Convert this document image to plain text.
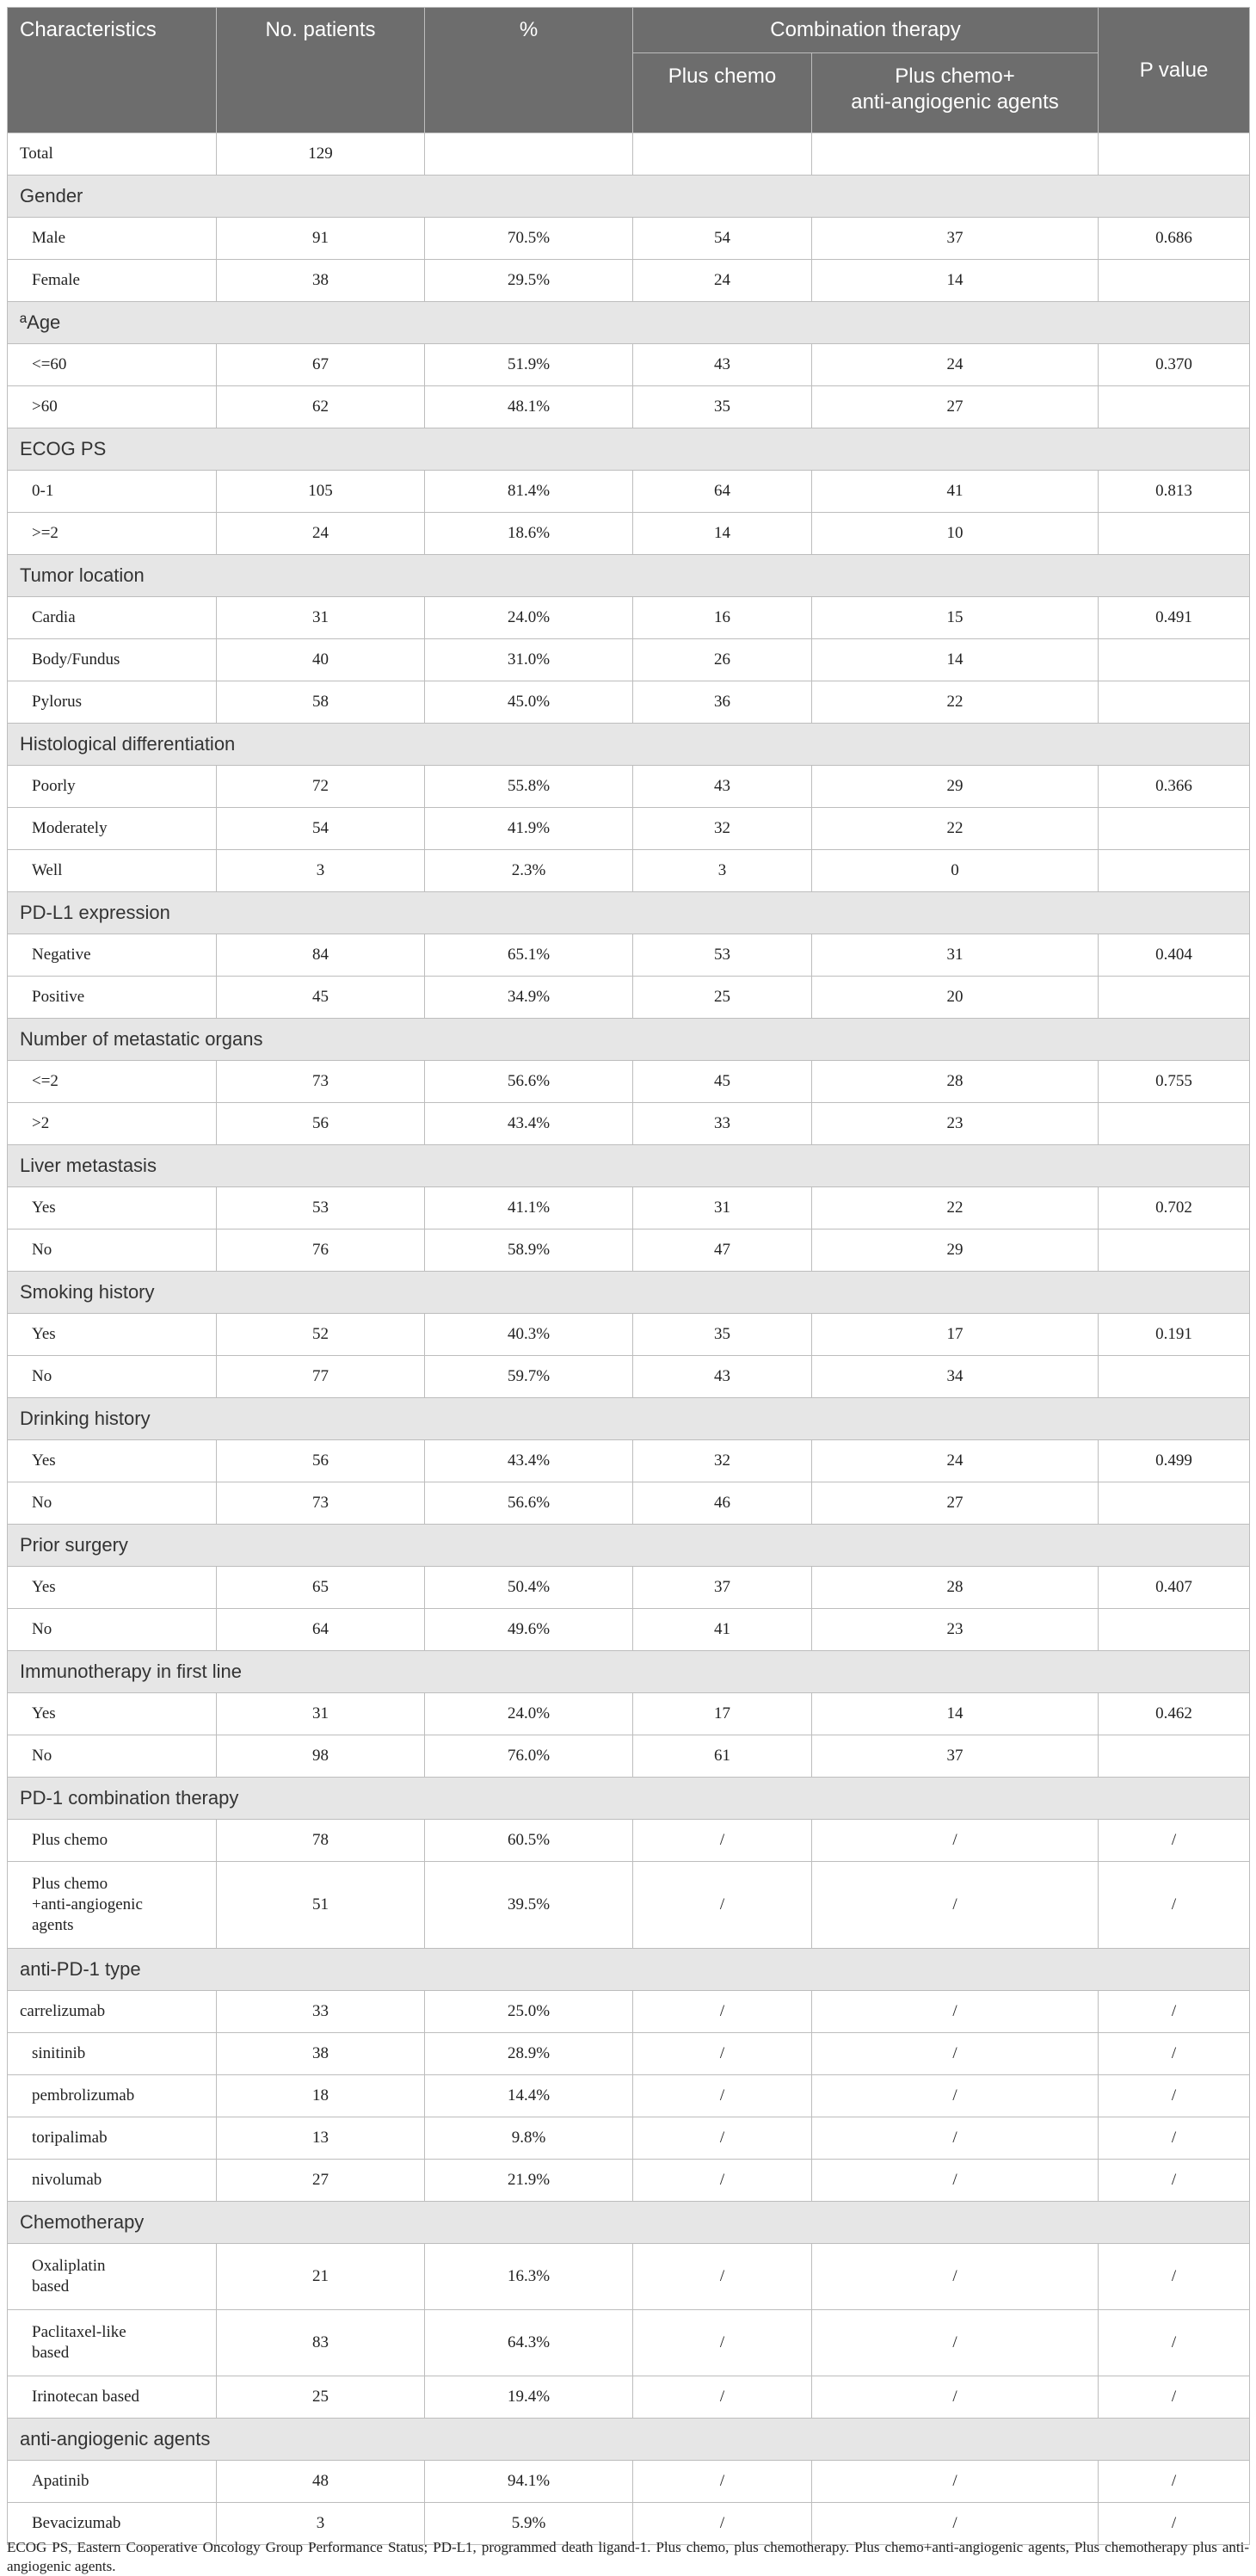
Characteristics	No. patients	%	Combination therapy		P value
			Plus chemo	Plus chemo+
anti-angiogenic agents	
Total	129				
Gender					
Male	91	70.5%	54	37	0.686
Female	38	29.5%	24	14	
ªAge					
<=60	67	51.9%	43	24	0.370
>60	62	48.1%	35	27	
ECOG PS					
0-1	105	81.4%	64	41	0.813
>=2	24	18.6%	14	10	
Tumor location					
Cardia	31	24.0%	16	15	0.491
Body/Fundus	40	31.0%	26	14	
Pylorus	58	45.0%	36	22	
Histological differentiation					
Poorly	72	55.8%	43	29	0.366
Moderately	54	41.9%	32	22	
Well	3	2.3%	3	0	
PD-L1 expression					
Negative	84	65.1%	53	31	0.404
Positive	45	34.9%	25	20	
Number of metastatic organs					
<=2	73	56.6%	45	28	0.755
>2	56	43.4%	33	23	
Liver metastasis					
Yes	53	41.1%	31	22	0.702
No	76	58.9%	47	29	
Smoking history					
Yes	52	40.3%	35	17	0.191
No	77	59.7%	43	34	
Drinking history					
Yes	56	43.4%	32	24	0.499
No	73	56.6%	46	27	
Prior surgery					
Yes	65	50.4%	37	28	0.407
No	64	49.6%	41	23	
Immunotherapy in first line					
Yes	31	24.0%	17	14	0.462
No	98	76.0%	61	37	
PD-1 combination therapy					
Plus chemo	78	60.5%	/	/	/
Plus chemo
+anti-angiogenic
agents	51	39.5%	/	/	/
anti-PD-1 type					
carrelizumab	33	25.0%	/	/	/
sinitinib	38	28.9%	/	/	/
pembrolizumab	18	14.4%	/	/	/
toripalimab	13	9.8%	/	/	/
nivolumab	27	21.9%	/	/	/
Chemotherapy					
Oxaliplatin
based	21	16.3%	/	/	/
Paclitaxel-like
based	83	64.3%	/	/	/
Irinotecan based	25	19.4%	/	/	/
anti-angiogenic agents					
Apatinib	48	94.1%	/	/	/
Bevacizumab	3	5.9%	/	/	/

ECOG PS, Eastern Cooperative Oncology Group Performance Status; PD-L1, programmed death ligand-1. Plus chemo, plus chemotherapy. Plus chemo+anti-angiogenic agents, Plus chemotherapy plus anti-angiogenic agents.
